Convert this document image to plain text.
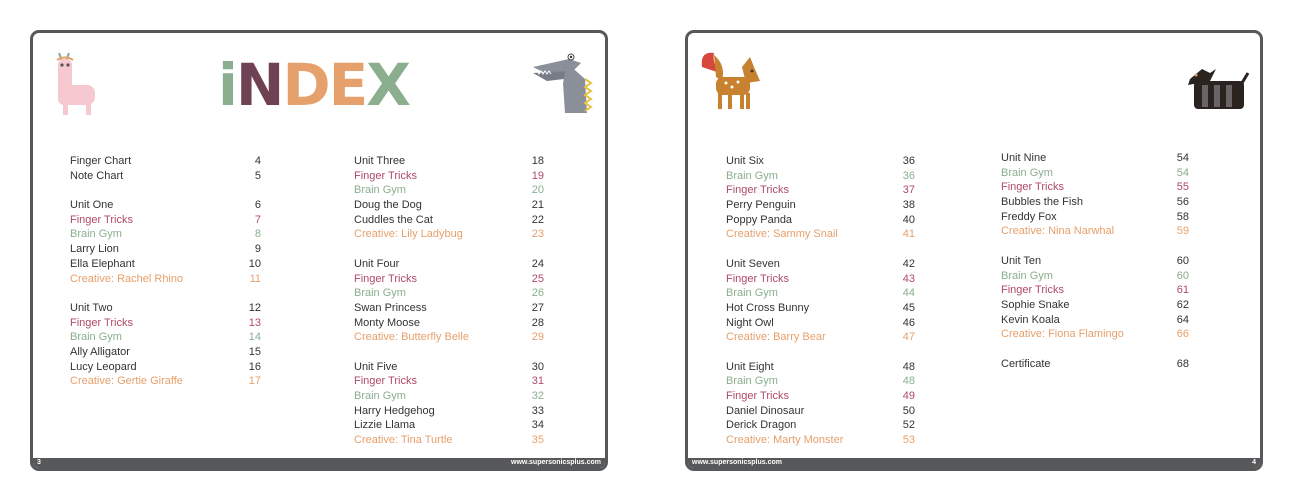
i N D E X
Finger Chart	4
Note Chart	5
Unit One	6
Finger Tricks	7
Brain Gym	8
Larry Lion	9
Ella Elephant	10
Creative: Rachel Rhino	11
Unit Two	12
Finger Tricks	13
Brain Gym	14
Ally Alligator	15
Lucy Leopard	16
Creative: Gertie Giraffe	17
Unit Three	18
Finger Tricks	19
Brain Gym	20
Doug the Dog	21
Cuddles the Cat	22
Creative: Lily Ladybug	23
Unit Four	24
Finger Tricks	25
Brain Gym	26
Swan Princess	27
Monty Moose	28
Creative: Butterfly Belle	29
Unit Five	30
Finger Tricks	31
Brain Gym	32
Harry Hedgehog	33
Lizzie Llama	34
Creative: Tina Turtle	35
3	www.supersonicsplus.com
Unit Six	36
Brain Gym	36
Finger Tricks	37
Perry Penguin	38
Poppy Panda	40
Creative: Sammy Snail	41
Unit Seven	42
Finger Tricks	43
Brain Gym	44
Hot Cross Bunny	45
Night Owl	46
Creative: Barry Bear	47
Unit Eight	48
Brain Gym	48
Finger Tricks	49
Daniel Dinosaur	50
Derick Dragon	52
Creative: Marty Monster	53
Unit Nine	54
Brain Gym	54
Finger Tricks	55
Bubbles the Fish	56
Freddy Fox	58
Creative: Nina Narwhal	59
Unit Ten	60
Brain Gym	60
Finger Tricks	61
Sophie Snake	62
Kevin Koala	64
Creative: Fiona Flamingo	66
Certificate	68
www.supersonicsplus.com	4
